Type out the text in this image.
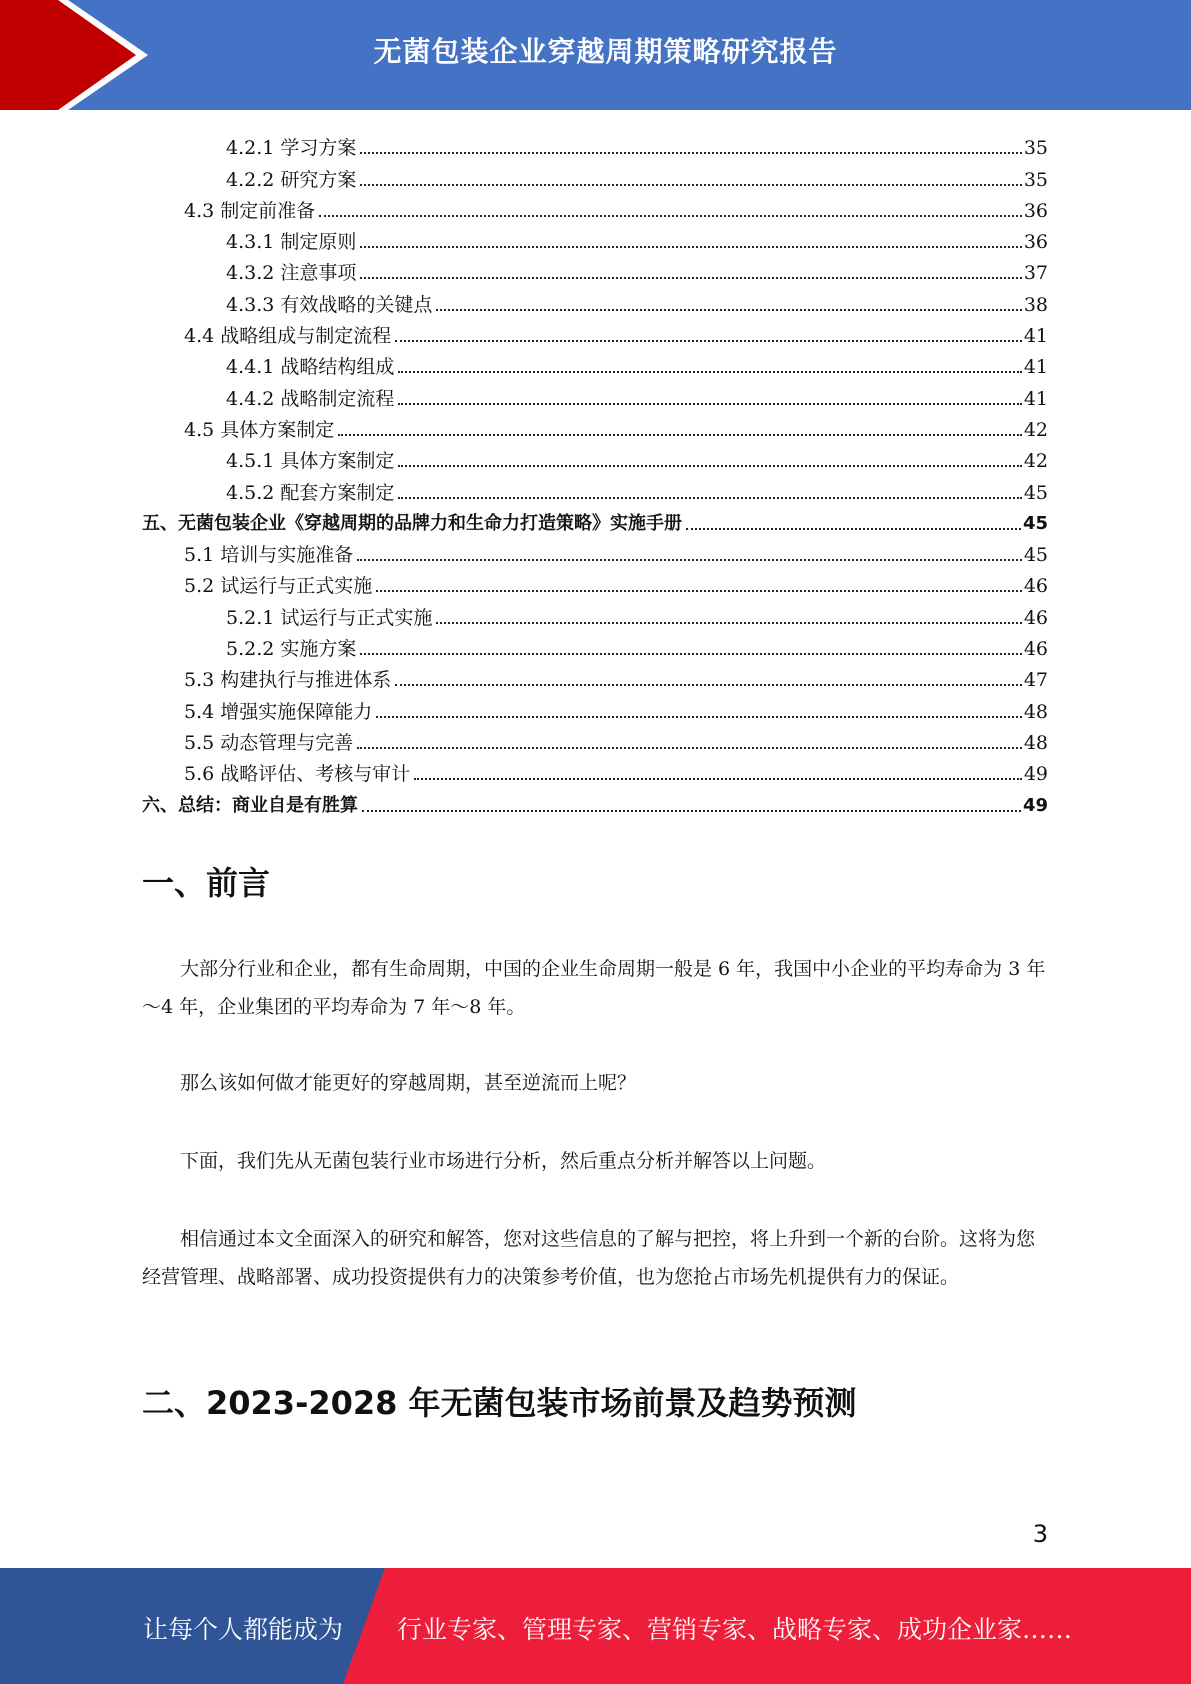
无菌包装企业穿越周期策略研究报告
4.2.1 学习方案	35
4.2.2 研究方案	35
4.3 制定前准备	36
4.3.1 制定原则	36
4.3.2 注意事项	37
4.3.3 有效战略的关键点	38
4.4 战略组成与制定流程	41
4.4.1 战略结构组成	41
4.4.2 战略制定流程	41
4.5 具体方案制定	42
4.5.1 具体方案制定	42
4.5.2 配套方案制定	45
五、无菌包装企业《穿越周期的品牌力和生命力打造策略》实施手册	45
5.1 培训与实施准备	45
5.2 试运行与正式实施	46
5.2.1 试运行与正式实施	46
5.2.2 实施方案	46
5.3 构建执行与推进体系	47
5.4 增强实施保障能力	48
5.5 动态管理与完善	48
5.6 战略评估、考核与审计	49
六、总结：商业自是有胜算	49
一、前言

大部分行业和企业，都有生命周期，中国的企业生命周期一般是 6 年，我国中小企业的平均寿命为 3 年～4 年，企业集团的平均寿命为 7 年～8 年。

那么该如何做才能更好的穿越周期，甚至逆流而上呢？

下面，我们先从无菌包装行业市场进行分析，然后重点分析并解答以上问题。

相信通过本文全面深入的研究和解答，您对这些信息的了解与把控，将上升到一个新的台阶。这将为您经营管理、战略部署、成功投资提供有力的决策参考价值，也为您抢占市场先机提供有力的保证。

二、2023-2028 年无菌包装市场前景及趋势预测
3
让每个人都能成为 行业专家、管理专家、营销专家、战略专家、成功企业家……
